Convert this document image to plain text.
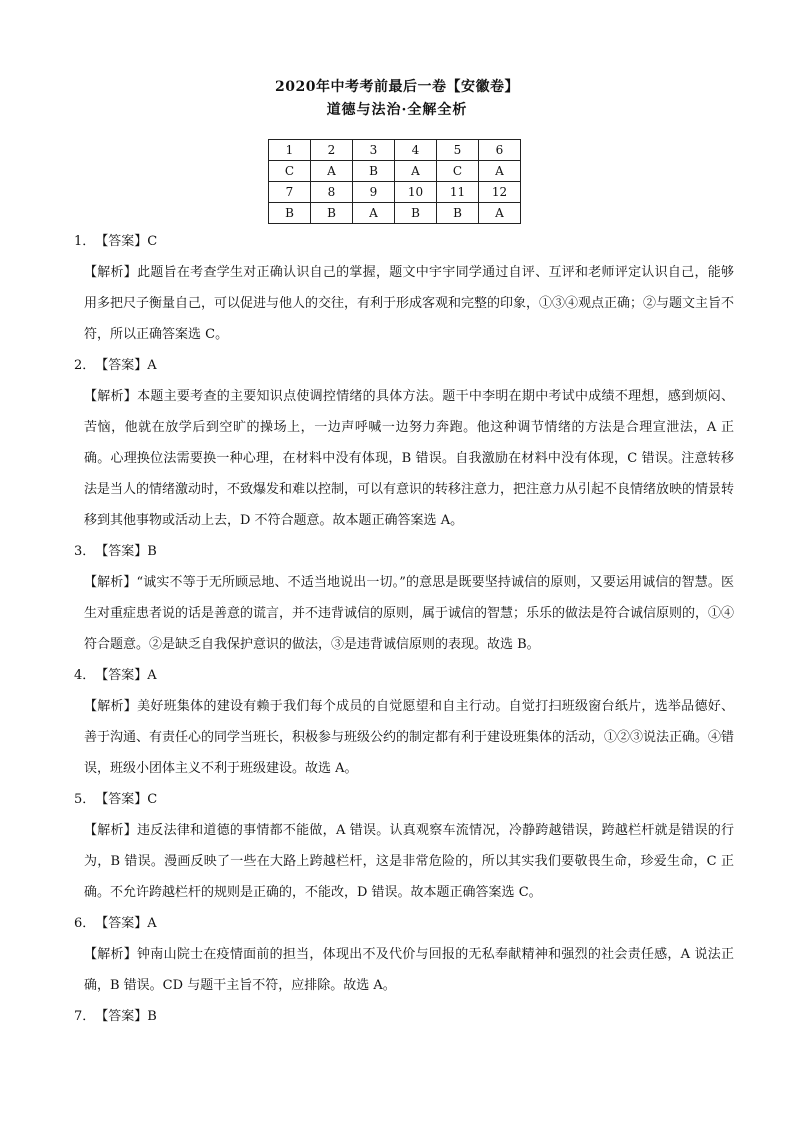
2020年中考考前最后一卷【安徽卷】
道德与法治·全解全析
1	2	3	4	5	6
C	A	B	A	C	A
7	8	9	10	11	12
B	B	A	B	B	A
1．【答案】C

【解析】此题旨在考查学生对正确认识自己的掌握，题文中宇宇同学通过自评、互评和老师评定认识自己，能够用多把尺子衡量自己，可以促进与他人的交往，有利于形成客观和完整的印象，①③④观点正确；②与题文主旨不符，所以正确答案选 C。

2．【答案】A

【解析】本题主要考查的主要知识点使调控情绪的具体方法。题干中李明在期中考试中成绩不理想，感到烦闷、苦恼，他就在放学后到空旷的操场上，一边声呼喊一边努力奔跑。他这种调节情绪的方法是合理宣泄法，A 正确。心理换位法需要换一种心理，在材料中没有体现，B 错误。自我激励在材料中没有体现，C 错误。注意转移法是当人的情绪激动时，不致爆发和难以控制，可以有意识的转移注意力，把注意力从引起不良情绪放映的情景转移到其他事物或活动上去，D 不符合题意。故本题正确答案选 A。

3．【答案】B

【解析】“诚实不等于无所顾忌地、不适当地说出一切。”的意思是既要坚持诚信的原则，又要运用诚信的智慧。医生对重症患者说的话是善意的谎言，并不违背诚信的原则，属于诚信的智慧；乐乐的做法是符合诚信原则的，①④符合题意。②是缺乏自我保护意识的做法，③是违背诚信原则的表现。故选 B。

4．【答案】A

【解析】美好班集体的建设有赖于我们每个成员的自觉愿望和自主行动。自觉打扫班级窗台纸片，选举品德好、善于沟通、有责任心的同学当班长，积极参与班级公约的制定都有利于建设班集体的活动，①②③说法正确。④错误，班级小团体主义不利于班级建设。故选 A。

5．【答案】C

【解析】违反法律和道德的事情都不能做，A 错误。认真观察车流情况，冷静跨越错误，跨越栏杆就是错误的行为，B 错误。漫画反映了一些在大路上跨越栏杆，这是非常危险的，所以其实我们要敬畏生命，珍爱生命，C 正确。不允许跨越栏杆的规则是正确的，不能改，D 错误。故本题正确答案选 C。

6．【答案】A

【解析】钟南山院士在疫情面前的担当，体现出不及代价与回报的无私奉献精神和强烈的社会责任感，A 说法正确，B 错误。CD 与题干主旨不符，应排除。故选 A。

7．【答案】B
